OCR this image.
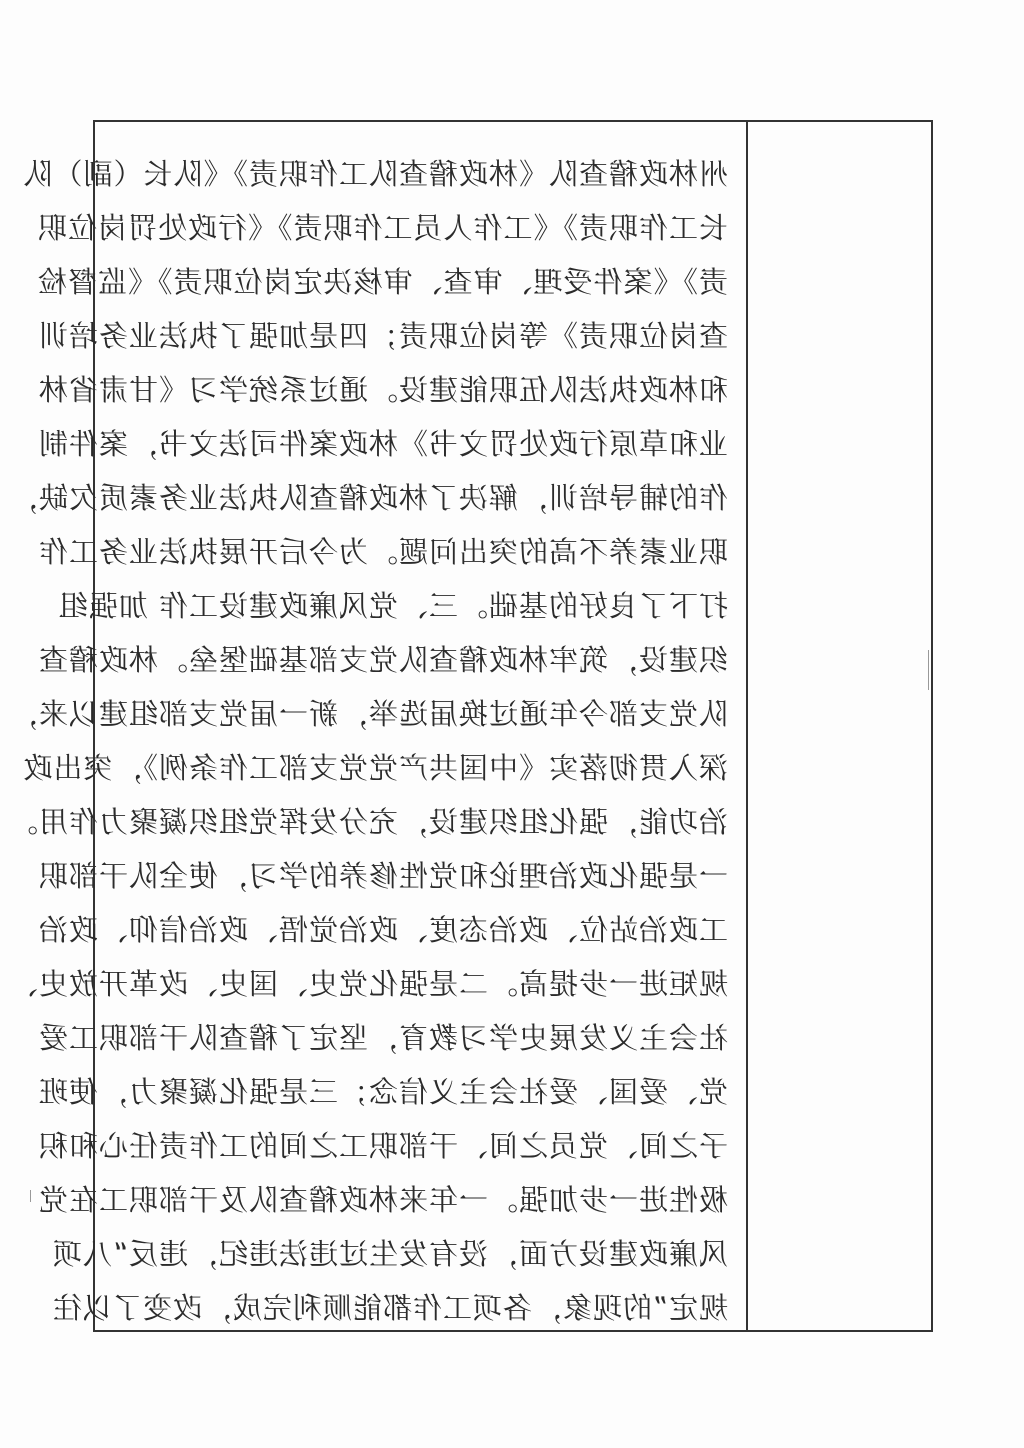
州林政稽查队《林政稽查队工作职责》《队长（副）队
长工作职责》《工作人员工作职责》《行政处罚岗位职
责》《案件受理、审查、审核决定岗位职责》《监督检
查岗位职责》等岗位职责；四是加强了执法业务培训
和林政执法队伍职能建设。通过系统学习《甘肃省林
业和草原行政处罚文书》林政案件司法文书，案件制
作的辅导培训，解决了林政稽查队执法业务素质欠缺，
职业素养不高的突出问题。为今后开展执法业务工作
打下了良好的基础。三、党风廉政建设工作 加强组
织建设，筑牢林政稽查队党支部基础堡垒。林政稽查
队党支部今年通过换届选举，新一届党支部组建以来，
深入贯彻落实《中国共产党党支部工作条例》，突出政
治功能，强化组织建设，充分发挥党组织凝聚力作用。
一是强化政治理论和党性修养的学习，使全队干部职
工政治站位、政治态度、政治觉悟、政治信仰、政治
规矩进一步提高。二是强化党史、国史、改革开放史、
社会主义发展史学习教育，坚定了稽查队干部职工爱
党、爱国、爱社会主义信念；三是强化凝聚力，使班
子之间、党员之间、干部职工之间的工作责任心和积
极性进一步加强。一年来林政稽查队及干部职工在党
风廉政建设方面，没有发生过违法违纪，违反“八项
规定”的现象，各项工作都能顺利完成，改变了以往
